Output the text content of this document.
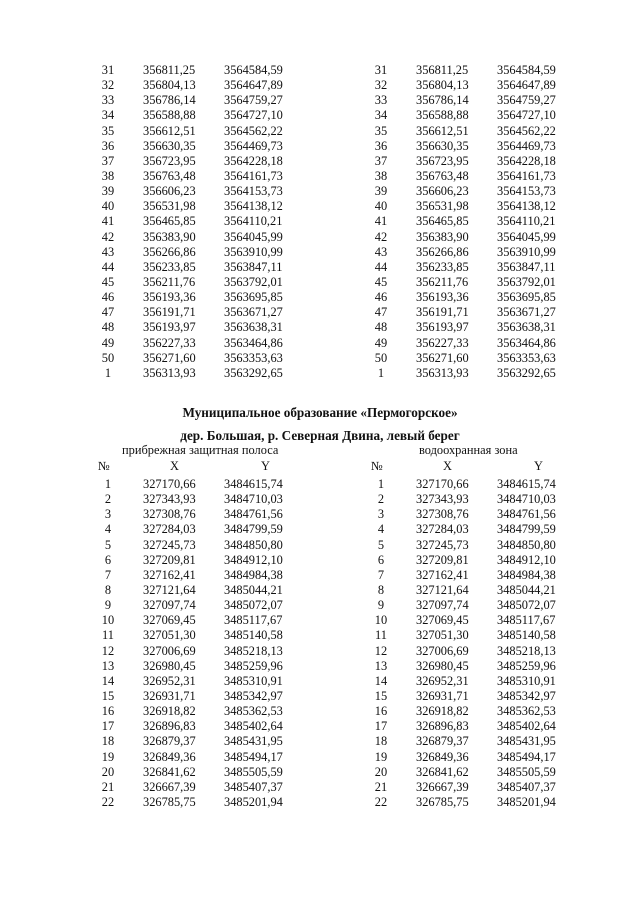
31	356811,25 3564584,59
32	356804,13 3564647,89
33	356786,14 3564759,27
34	356588,88 3564727,10
35	356612,51 3564562,22
36	356630,35 3564469,73
37	356723,95 3564228,18
38	356763,48 3564161,73
39	356606,23 3564153,73
40	356531,98 3564138,12
41	356465,85 3564110,21
42	356383,90 3564045,99
43	356266,86 3563910,99
44	356233,85 3563847,11
45	356211,76 3563792,01
46	356193,36 3563695,85
47	356191,71 3563671,27
48	356193,97 3563638,31
49	356227,33 3563464,86
50	356271,60 3563353,63
1	356313,93 3563292,65
31	356811,25 3564584,59
32	356804,13 3564647,89
33	356786,14 3564759,27
34	356588,88 3564727,10
35	356612,51 3564562,22
36	356630,35 3564469,73
37	356723,95 3564228,18
38	356763,48 3564161,73
39	356606,23 3564153,73
40	356531,98 3564138,12
41	356465,85 3564110,21
42	356383,90 3564045,99
43	356266,86 3563910,99
44	356233,85 3563847,11
45	356211,76 3563792,01
46	356193,36 3563695,85
47	356191,71 3563671,27
48	356193,97 3563638,31
49	356227,33 3563464,86
50	356271,60 3563353,63
1	356313,93 3563292,65
Муниципальное образование «Пермогорское»
дер. Большая, р. Северная Двина, левый берег
прибрежная защитная полоса	водоохранная зона
№	X	Y	№	X	Y
1	327170,66 3484615,74
2	327343,93 3484710,03
3	327308,76 3484761,56
4	327284,03 3484799,59
5	327245,73 3484850,80
6	327209,81 3484912,10
7	327162,41 3484984,38
8	327121,64 3485044,21
9	327097,74 3485072,07
10	327069,45 3485117,67
11	327051,30 3485140,58
12	327006,69 3485218,13
13	326980,45 3485259,96
14	326952,31 3485310,91
15	326931,71 3485342,97
16	326918,82 3485362,53
17	326896,83 3485402,64
18	326879,37 3485431,95
19	326849,36 3485494,17
20	326841,62 3485505,59
21	326667,39 3485407,37
22	326785,75 3485201,94
1	327170,66 3484615,74
2	327343,93 3484710,03
3	327308,76 3484761,56
4	327284,03 3484799,59
5	327245,73 3484850,80
6	327209,81 3484912,10
7	327162,41 3484984,38
8	327121,64 3485044,21
9	327097,74 3485072,07
10	327069,45 3485117,67
11	327051,30 3485140,58
12	327006,69 3485218,13
13	326980,45 3485259,96
14	326952,31 3485310,91
15	326931,71 3485342,97
16	326918,82 3485362,53
17	326896,83 3485402,64
18	326879,37 3485431,95
19	326849,36 3485494,17
20	326841,62 3485505,59
21	326667,39 3485407,37
22	326785,75 3485201,94
